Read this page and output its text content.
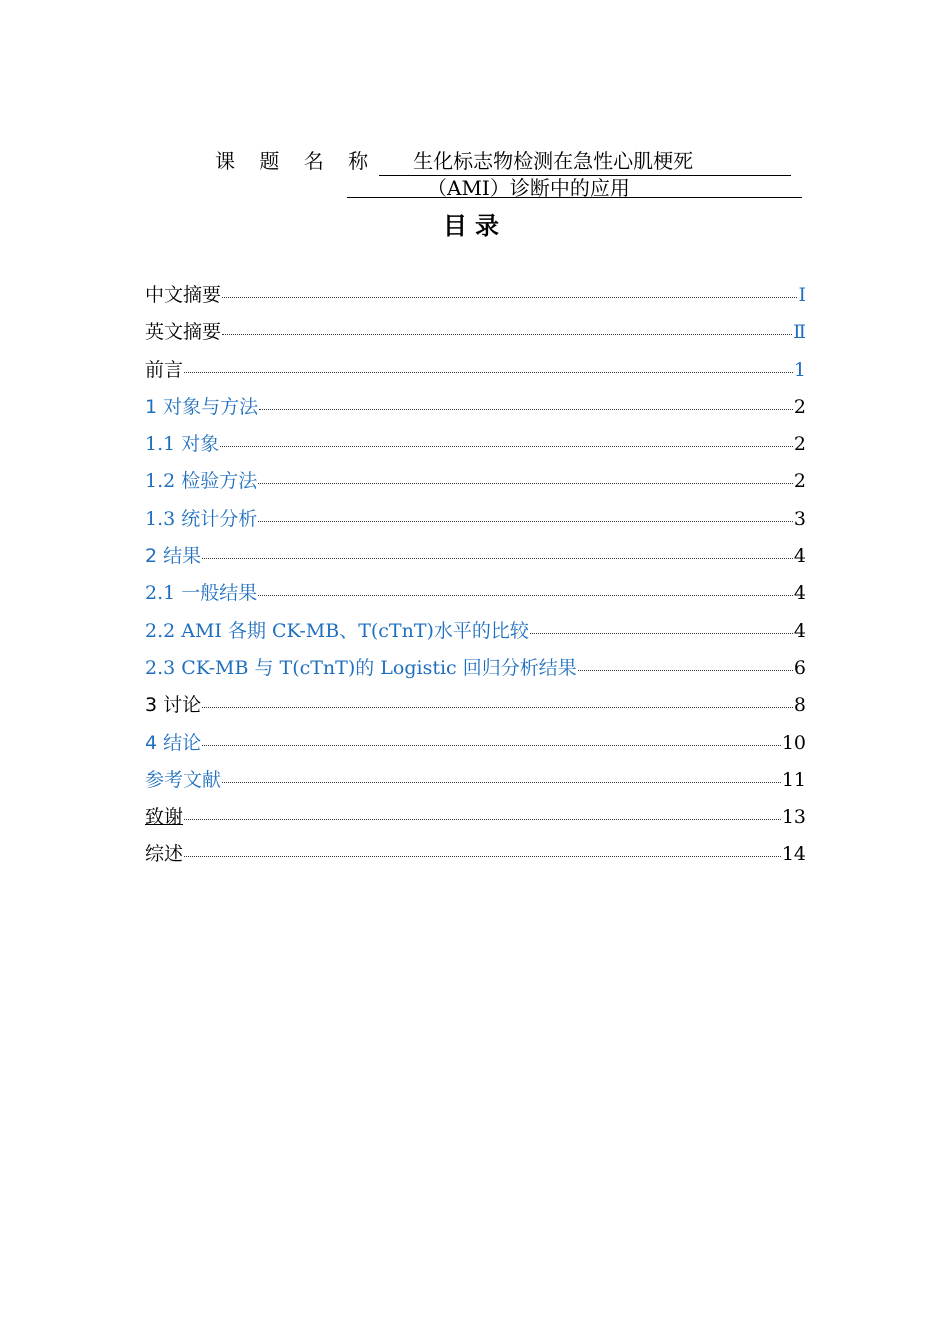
课 题 名 称	生化标志物检测在急性心肌梗死
（AMI）诊断中的应用
目录
中文摘要	I
英文摘要	Ⅱ
前言	1
1 对象与方法	2
1.1 对象	2
1.2 检验方法	2
1.3 统计分析	3
2 结果	4
2.1 一般结果	4
2.2 AMI 各期 CK-MB、T(cTnT)水平的比较	4
2.3 CK-MB 与 T(cTnT)的 Logistic 回归分析结果	6
3 讨论	8
4 结论	10
参考文献	11
致谢	13
综述	14
